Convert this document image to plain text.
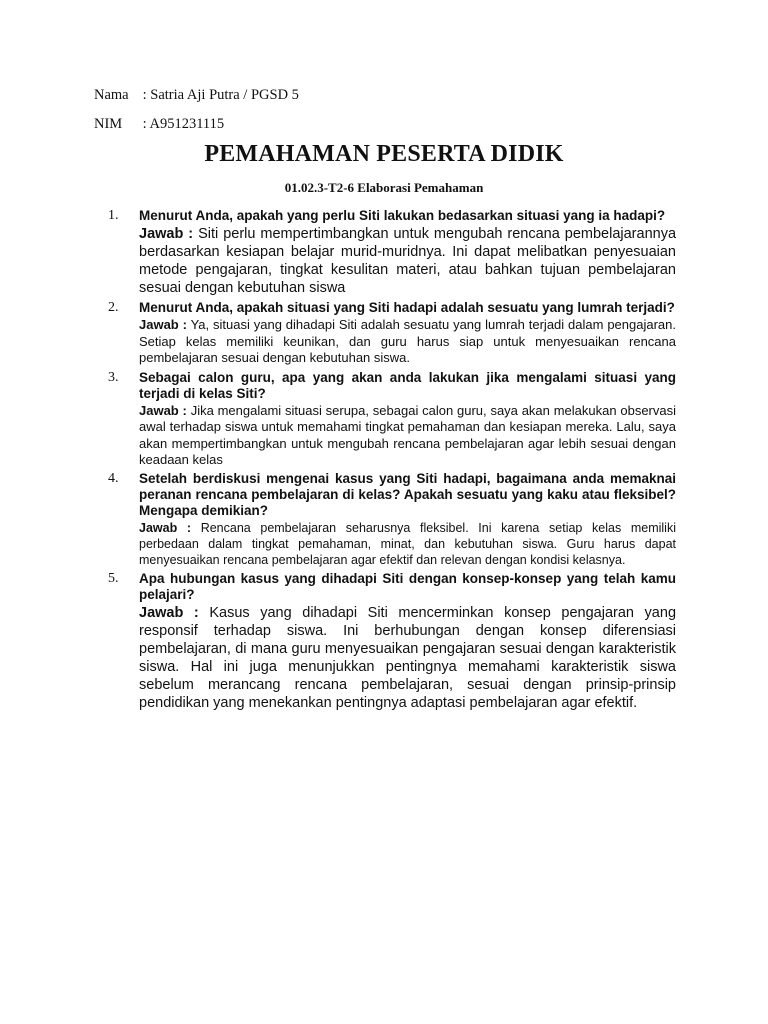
Nama : Satria Aji Putra / PGSD 5
NIM : A951231115
PEMAHAMAN PESERTA DIDIK
01.02.3-T2-6 Elaborasi Pemahaman
1. Menurut Anda, apakah yang perlu Siti lakukan bedasarkan situasi yang ia hadapi?
Jawab : Siti perlu mempertimbangkan untuk mengubah rencana pembelajarannya berdasarkan kesiapan belajar murid-muridnya. Ini dapat melibatkan penyesuaian metode pengajaran, tingkat kesulitan materi, atau bahkan tujuan pembelajaran sesuai dengan kebutuhan siswa
2. Menurut Anda, apakah situasi yang Siti hadapi adalah sesuatu yang lumrah terjadi?
Jawab : Ya, situasi yang dihadapi Siti adalah sesuatu yang lumrah terjadi dalam pengajaran. Setiap kelas memiliki keunikan, dan guru harus siap untuk menyesuaikan rencana pembelajaran sesuai dengan kebutuhan siswa.
3. Sebagai calon guru, apa yang akan anda lakukan jika mengalami situasi yang terjadi di kelas Siti?
Jawab : Jika mengalami situasi serupa, sebagai calon guru, saya akan melakukan observasi awal terhadap siswa untuk memahami tingkat pemahaman dan kesiapan mereka. Lalu, saya akan mempertimbangkan untuk mengubah rencana pembelajaran agar lebih sesuai dengan keadaan kelas
4. Setelah berdiskusi mengenai kasus yang Siti hadapi, bagaimana anda memaknai peranan rencana pembelajaran di kelas? Apakah sesuatu yang kaku atau fleksibel? Mengapa demikian?
Jawab : Rencana pembelajaran seharusnya fleksibel. Ini karena setiap kelas memiliki perbedaan dalam tingkat pemahaman, minat, dan kebutuhan siswa. Guru harus dapat menyesuaikan rencana pembelajaran agar efektif dan relevan dengan kondisi kelasnya.
5. Apa hubungan kasus yang dihadapi Siti dengan konsep-konsep yang telah kamu pelajari?
Jawab : Kasus yang dihadapi Siti mencerminkan konsep pengajaran yang responsif terhadap siswa. Ini berhubungan dengan konsep diferensiasi pembelajaran, di mana guru menyesuaikan pengajaran sesuai dengan karakteristik siswa. Hal ini juga menunjukkan pentingnya memahami karakteristik siswa sebelum merancang rencana pembelajaran, sesuai dengan prinsip-prinsip pendidikan yang menekankan pentingnya adaptasi pembelajaran agar efektif.
